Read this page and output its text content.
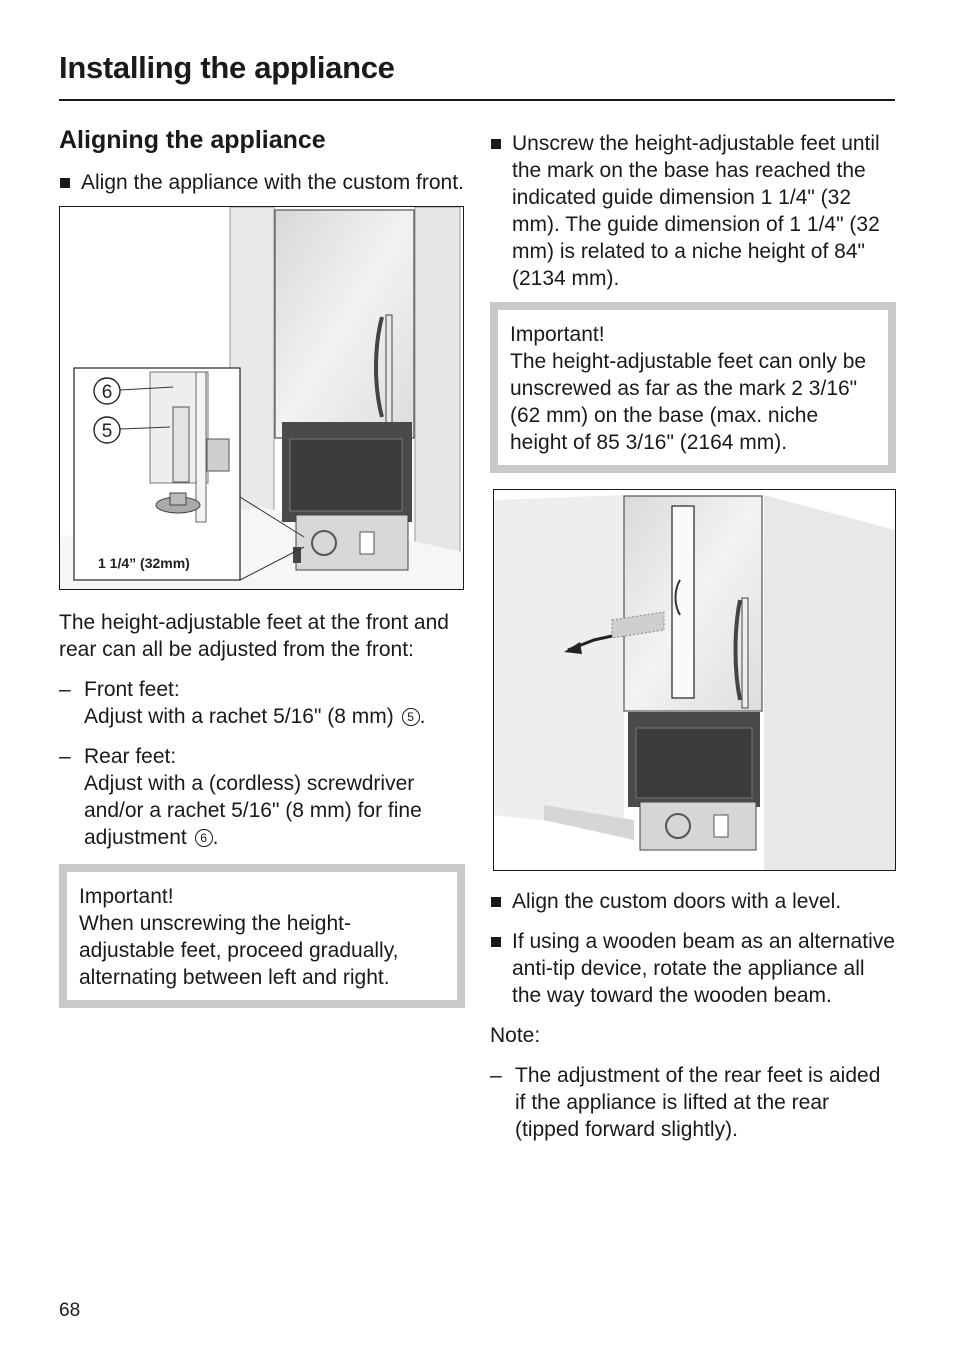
Installing the appliance
Aligning the appliance

Align the appliance with the custom front.

6
5
1 1/4” (32mm)

The height-adjustable feet at the front and rear can all be adjusted from the front:

– Front feet:

Adjust with a rachet 5/16" (8 mm) 5 .

– Rear feet:

Adjust with a (cordless) screwdriver and/or a rachet 5/16" (8 mm) for fine adjustment 6 .

Important!

When unscrewing the height-adjustable feet, proceed gradually, alternating between left and right.

Unscrew the height-adjustable feet until the mark on the base has reached the indicated guide dimension 1 1/4" (32 mm). The guide dimension of 1 1/4" (32 mm) is related to a niche height of 84" (2134 mm).

Important!

The height-adjustable feet can only be unscrewed as far as the mark 2 3/16" (62 mm) on the base (max. niche height of 85 3/16" (2164 mm).

Align the custom doors with a level.

If using a wooden beam as an alternative anti-tip device, rotate the appliance all the way toward the wooden beam.

Note:

– The adjustment of the rear feet is aided if the appliance is lifted at the rear (tipped forward slightly).

68
